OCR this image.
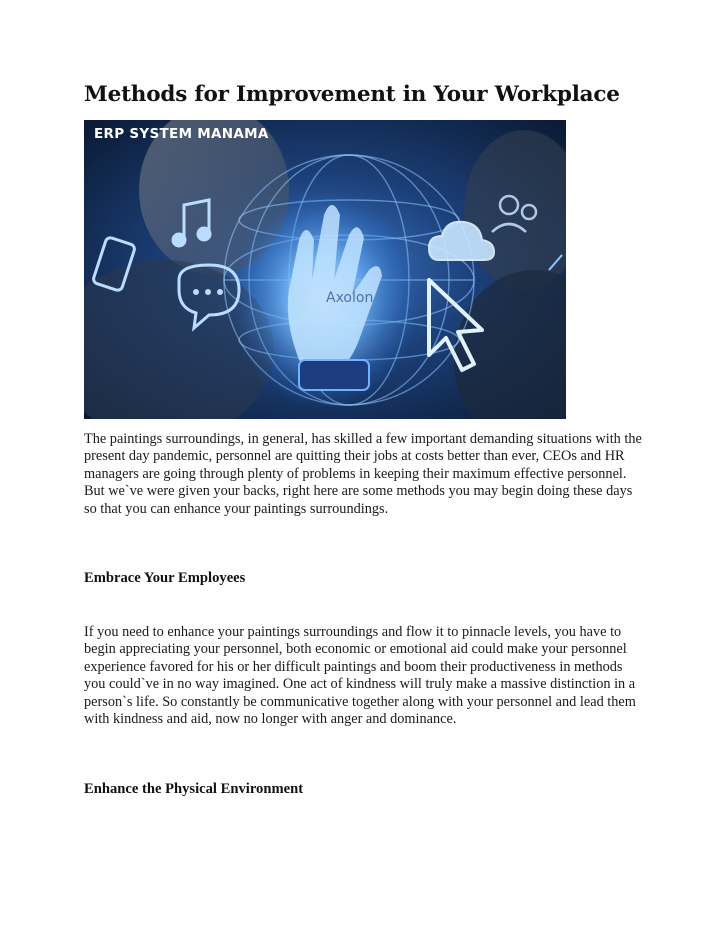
Methods for Improvement in Your Workplace
ERP SYSTEM MANAMA
Axolon

The paintings surroundings, in general, has skilled a few important demanding situations with the present day pandemic, personnel are quitting their jobs at costs better than ever, CEOs and HR managers are going through plenty of problems in keeping their maximum effective personnel. But we`ve were given your backs, right here are some methods you may begin doing these days so that you can enhance your paintings surroundings.

Embrace Your Employees

If you need to enhance your paintings surroundings and flow it to pinnacle levels, you have to begin appreciating your personnel, both economic or emotional aid could make your personnel experience favored for his or her difficult paintings and boom their productiveness in methods you could`ve in no way imagined. One act of kindness will truly make a massive distinction in a person`s life. So constantly be communicative together along with your personnel and lead them with kindness and aid, now no longer with anger and dominance.

Enhance the Physical Environment
